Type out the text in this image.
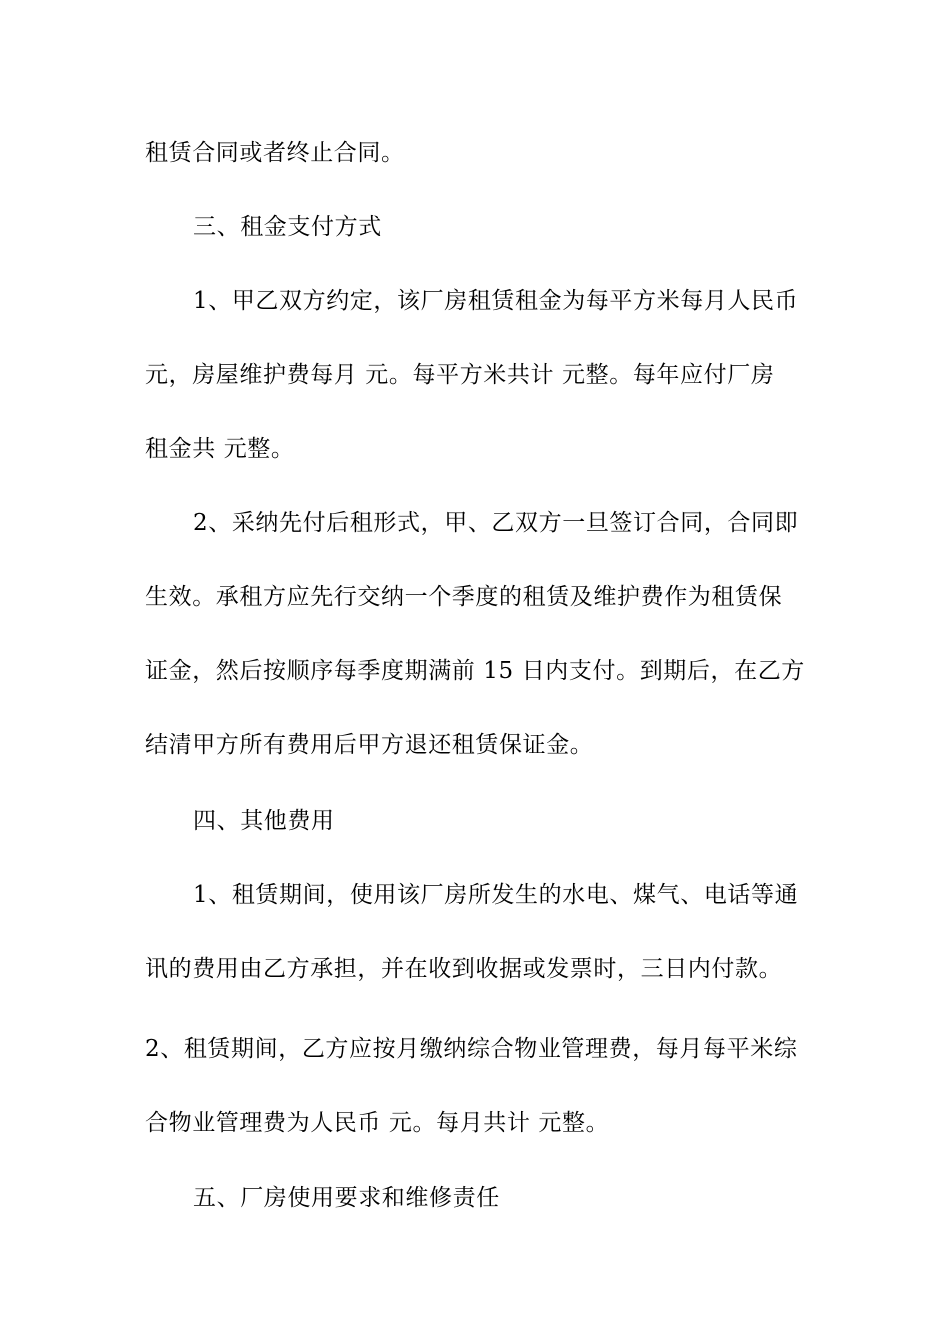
租赁合同或者终止合同。
三、租金支付方式
1、甲乙双方约定，该厂房租赁租金为每平方米每月人民币
元，房屋维护费每月 元。每平方米共计 元整。每年应付厂房
租金共 元整。
2、采纳先付后租形式，甲、乙双方一旦签订合同，合同即
生效。承租方应先行交纳一个季度的租赁及维护费作为租赁保
证金，然后按顺序每季度期满前 15 日内支付。到期后，在乙方
结清甲方所有费用后甲方退还租赁保证金。
四、其他费用
1、租赁期间，使用该厂房所发生的水电、煤气、电话等通
讯的费用由乙方承担，并在收到收据或发票时，三日内付款。
2、租赁期间，乙方应按月缴纳综合物业管理费，每月每平米综
合物业管理费为人民币 元。每月共计 元整。
五、厂房使用要求和维修责任
